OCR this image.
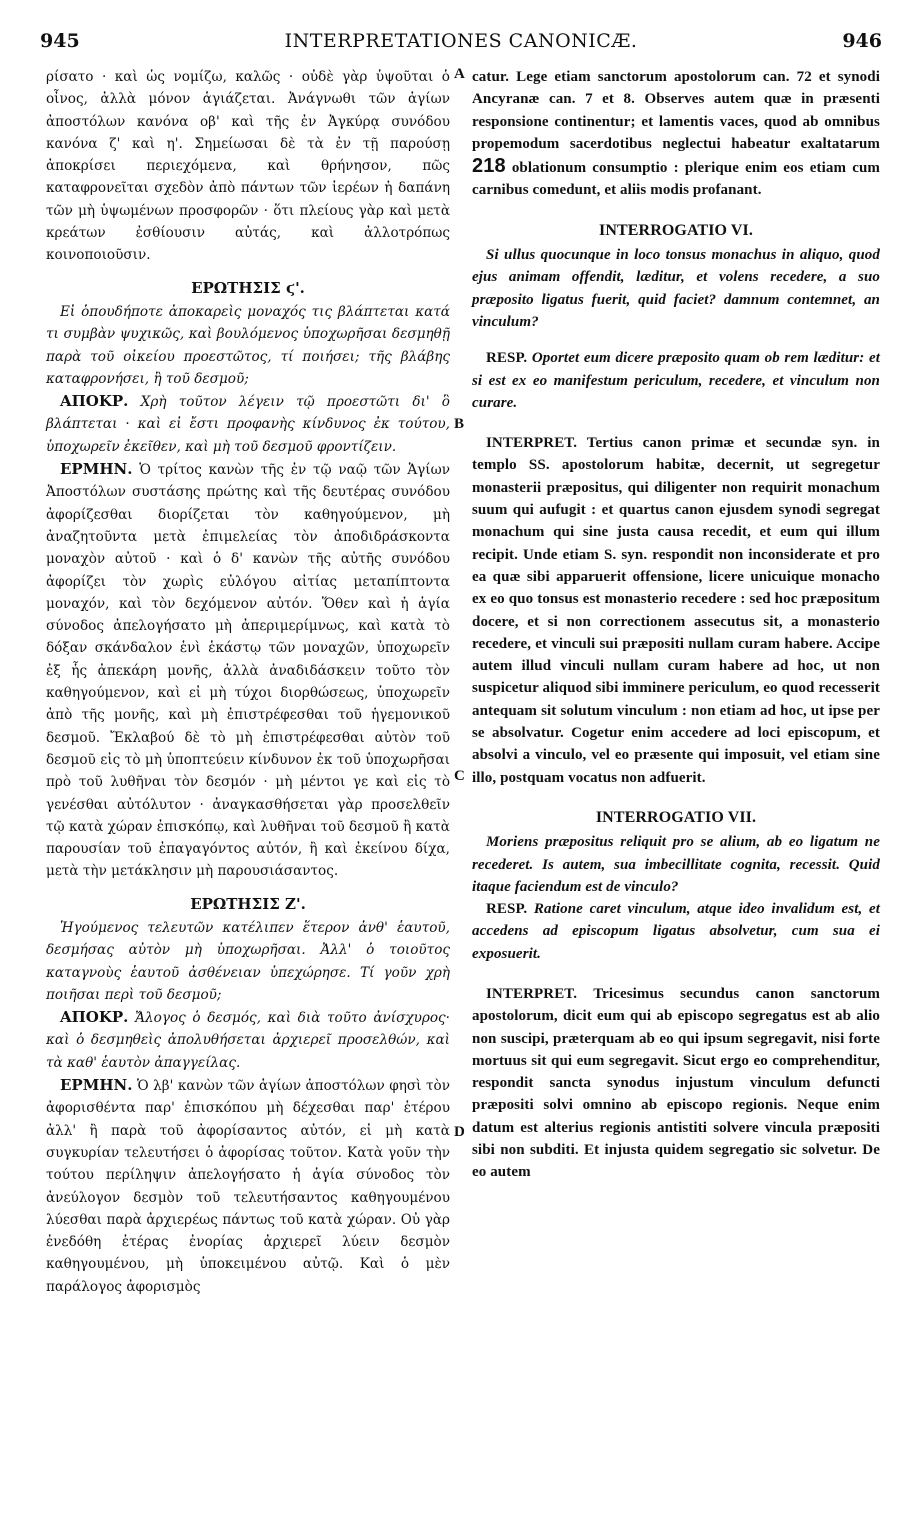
945	INTERPRETATIONES CANONICÆ.	946
A
B
C
D

ρίσατο · καὶ ὡς νομίζω, καλῶς · οὐδὲ γὰρ ὑψοῦται ὁ οἶνος, ἀλλὰ μόνον ἁγιάζεται. Ἀνάγνωθι τῶν ἁγίων ἀποστόλων κανόνα οβ' καὶ τῆς ἐν Ἀγκύρᾳ συνόδου κανόνα ζ' καὶ η'. Σημείωσαι δὲ τὰ ἐν τῇ παρούσῃ ἀποκρίσει περιεχόμενα, καὶ θρήνησον, πῶς καταφρονεῖται σχεδὸν ἀπὸ πάντων τῶν ἱερέων ἡ δαπάνη τῶν μὴ ὑψωμένων προσφορῶν · ὅτι πλείους γὰρ καὶ μετὰ κρεάτων ἐσθίουσιν αὐτάς, καὶ ἀλλοτρόπως κοινοποιοῦσιν.

ΕΡΩΤΗΣΙΣ ϛ'.

Εἰ ὁπουδήποτε ἀποκαρεὶς μοναχός τις βλάπτεται κατά τι συμβὰν ψυχικῶς, καὶ βουλόμενος ὑποχωρῆσαι δεσμηθῇ παρὰ τοῦ οἰκείου προεστῶτος, τί ποιήσει; τῆς βλάβης καταφρονήσει, ἢ τοῦ δεσμοῦ;

ΑΠΟΚΡ. Χρὴ τοῦτον λέγειν τῷ προεστῶτι δι' ὃ βλάπτεται · καὶ εἰ ἔστι προφανὴς κίνδυνος ἐκ τούτου, ὑποχωρεῖν ἐκεῖθεν, καὶ μὴ τοῦ δεσμοῦ φροντίζειν.

ΕΡΜΗΝ. Ὁ τρίτος κανὼν τῆς ἐν τῷ ναῷ τῶν Ἁγίων Ἀποστόλων συστάσης πρώτης καὶ τῆς δευτέρας συνόδου ἀφορίζεσθαι διορίζεται τὸν καθηγούμενον, μὴ ἀναζητοῦντα μετὰ ἐπιμελείας τὸν ἀποδιδράσκοντα μοναχὸν αὐτοῦ · καὶ ὁ δ' κανὼν τῆς αὐτῆς συνόδου ἀφορίζει τὸν χωρὶς εὐλόγου αἰτίας μεταπίπτοντα μοναχόν, καὶ τὸν δεχόμενον αὐτόν. Ὅθεν καὶ ἡ ἁγία σύνοδος ἀπελογήσατο μὴ ἀπεριμερίμνως, καὶ κατὰ τὸ δόξαν σκάνδαλον ἑνὶ ἑκάστῳ τῶν μοναχῶν, ὑποχωρεῖν ἐξ ἧς ἀπεκάρη μονῆς, ἀλλὰ ἀναδιδάσκειν τοῦτο τὸν καθηγούμενον, καὶ εἰ μὴ τύχοι διορθώσεως, ὑποχωρεῖν ἀπὸ τῆς μονῆς, καὶ μὴ ἐπιστρέφεσθαι τοῦ ἡγεμονικοῦ δεσμοῦ. Ἔκλαβού δὲ τὸ μὴ ἐπιστρέφεσθαι αὐτὸν τοῦ δεσμοῦ εἰς τὸ μὴ ὑποπτεύειν κίνδυνον ἐκ τοῦ ὑποχωρῆσαι πρὸ τοῦ λυθῆναι τὸν δεσμόν · μὴ μέντοι γε καὶ εἰς τὸ γενέσθαι αὐτόλυτον · ἀναγκασθήσεται γὰρ προσελθεῖν τῷ κατὰ χώραν ἐπισκόπῳ, καὶ λυθῆναι τοῦ δεσμοῦ ἢ κατὰ παρουσίαν τοῦ ἐπαγαγόντος αὐτόν, ἢ καὶ ἐκείνου δίχα, μετὰ τὴν μετάκλησιν μὴ παρουσιάσαντος.

ΕΡΩΤΗΣΙΣ Ζ'.

Ἡγούμενος τελευτῶν κατέλιπεν ἕτερον ἀνθ' ἑαυτοῦ, δεσμήσας αὐτὸν μὴ ὑποχωρῆσαι. Ἀλλ' ὁ τοιοῦτος καταγνοὺς ἑαυτοῦ ἀσθένειαν ὑπεχώρησε. Τί γοῦν χρὴ ποιῆσαι περὶ τοῦ δεσμοῦ;

ΑΠΟΚΡ. Ἄλογος ὁ δεσμός, καὶ διὰ τοῦτο ἀνίσχυρος· καὶ ὁ δεσμηθεὶς ἀπολυθήσεται ἀρχιερεῖ προσελθών, καὶ τὰ καθ' ἑαυτὸν ἀπαγγείλας.

ΕΡΜΗΝ. Ὁ λβ' κανὼν τῶν ἁγίων ἀποστόλων φησὶ τὸν ἀφορισθέντα παρ' ἐπισκόπου μὴ δέχεσθαι παρ' ἑτέρου ἀλλ' ἢ παρὰ τοῦ ἀφορίσαντος αὐτόν, εἰ μὴ κατὰ συγκυρίαν τελευτήσει ὁ ἀφορίσας τοῦτον. Κατὰ γοῦν τὴν τούτου περίληψιν ἀπελογήσατο ἡ ἁγία σύνοδος τὸν ἀνεύλογον δεσμὸν τοῦ τελευτήσαντος καθηγουμένου λύεσθαι παρὰ ἀρχιερέως πάντως τοῦ κατὰ χώραν. Οὐ γὰρ ἐνεδόθη ἑτέρας ἐνορίας ἀρχιερεῖ λύειν δεσμὸν καθηγουμένου, μὴ ὑποκειμένου αὐτῷ. Καὶ ὁ μὲν παράλογος ἀφορισμὸς

catur. Lege etiam sanctorum apostolorum can. 72 et synodi Ancyranæ can. 7 et 8. Observes autem quæ in præsenti responsione continentur; et lamentis vaces, quod ab omnibus propemodum sacerdotibus neglectui habeatur exaltatarum 218 oblationum consumptio : plerique enim eos etiam cum carnibus comedunt, et aliis modis profanant.

INTERROGATIO VI.

Si ullus quocunque in loco tonsus monachus in aliquo, quod ejus animam offendit, læditur, et volens recedere, a suo præposito ligatus fuerit, quid faciet? damnum contemnet, an vinculum?

RESP. Oportet eum dicere præposito quam ob rem læditur: et si est ex eo manifestum periculum, recedere, et vinculum non curare.

INTERPRET. Tertius canon primæ et secundæ syn. in templo SS. apostolorum habitæ, decernit, ut segregetur monasterii præpositus, qui diligenter non requirit monachum suum qui aufugit : et quartus canon ejusdem synodi segregat monachum qui sine justa causa recedit, et eum qui illum recipit. Unde etiam S. syn. respondit non inconsiderate et pro ea quæ sibi apparuerit offensione, licere unicuique monacho ex eo quo tonsus est monasterio recedere : sed hoc præpositum docere, et si non correctionem assecutus sit, a monasterio recedere, et vinculi sui præpositi nullam curam habere. Accipe autem illud vinculi nullam curam habere ad hoc, ut non suspicetur aliquod sibi imminere periculum, eo quod recesserit antequam sit solutum vinculum : non etiam ad hoc, ut ipse per se absolvatur. Cogetur enim accedere ad loci episcopum, et absolvi a vinculo, vel eo præsente qui imposuit, vel etiam sine illo, postquam vocatus non adfuerit.

INTERROGATIO VII.

Moriens præpositus reliquit pro se alium, ab eo ligatum ne recederet. Is autem, sua imbecillitate cognita, recessit. Quid itaque faciendum est de vinculo?

RESP. Ratione caret vinculum, atque ideo invalidum est, et accedens ad episcopum ligatus absolvetur, cum sua ei exposuerit.

INTERPRET. Tricesimus secundus canon sanctorum apostolorum, dicit eum qui ab episcopo segregatus est ab alio non suscipi, præterquam ab eo qui ipsum segregavit, nisi forte mortuus sit qui eum segregavit. Sicut ergo eo comprehenditur, respondit sancta synodus injustum vinculum defuncti præpositi solvi omnino ab episcopo regionis. Neque enim datum est alterius regionis antistiti solvere vincula præpositi sibi non subditi. Et injusta quidem segregatio sic solvetur. De eo autem
